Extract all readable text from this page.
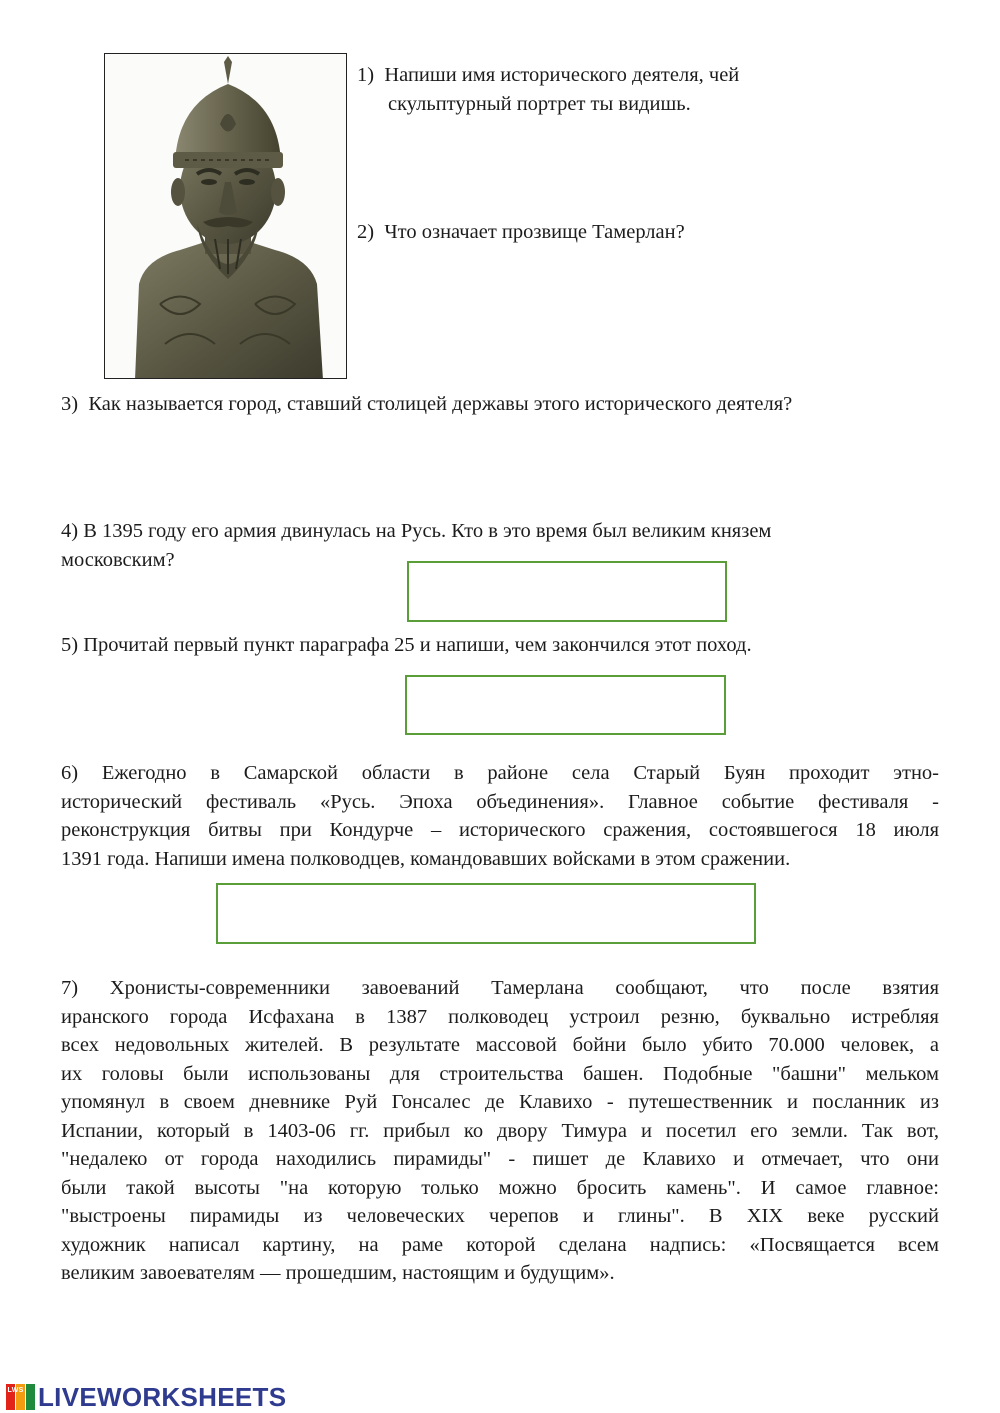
1) Напиши имя исторического деятеля, чей
скульптурный портрет ты видишь.
2) Что означает прозвище Тамерлан?
3) Как называется город, ставший столицей державы этого исторического деятеля?
4) В 1395 году его армия двинулась на Русь. Кто в это время был великим князем
московским?
5) Прочитай первый пункт параграфа 25 и напиши, чем закончился этот поход.
6) Ежегодно в Самарской области в районе села Старый Буян проходит этно-
исторический фестиваль «Русь. Эпоха объединения». Главное событие фестиваля -
реконструкция битвы при Кондурче – исторического сражения, состоявшегося 18 июля
1391 года. Напиши имена полководцев, командовавших войсками в этом сражении.
7) Хронисты-современники завоеваний Тамерлана сообщают, что после взятия
иранского города Исфахана в 1387 полководец устроил резню, буквально истребляя
всех недовольных жителей. В результате массовой бойни было убито 70.000 человек, а
их головы были использованы для строительства башен. Подобные "башни" мельком
упомянул в своем дневнике Руй Гонсалес де Клавихо - путешественник и посланник из
Испании, который в 1403-06 гг. прибыл ко двору Тимура и посетил его земли. Так вот,
"недалеко от города находились пирамиды" - пишет де Клавихо и отмечает, что они
были такой высоты "на которую только можно бросить камень". И самое главное:
"выстроены пирамиды из человеческих черепов и глины". В XIX веке русский
художник написал картину, на раме которой сделана надпись: «Посвящается всем
великим завоевателям — прошедшим, настоящим и будущим».
LWS LIVEWORKSHEETS
